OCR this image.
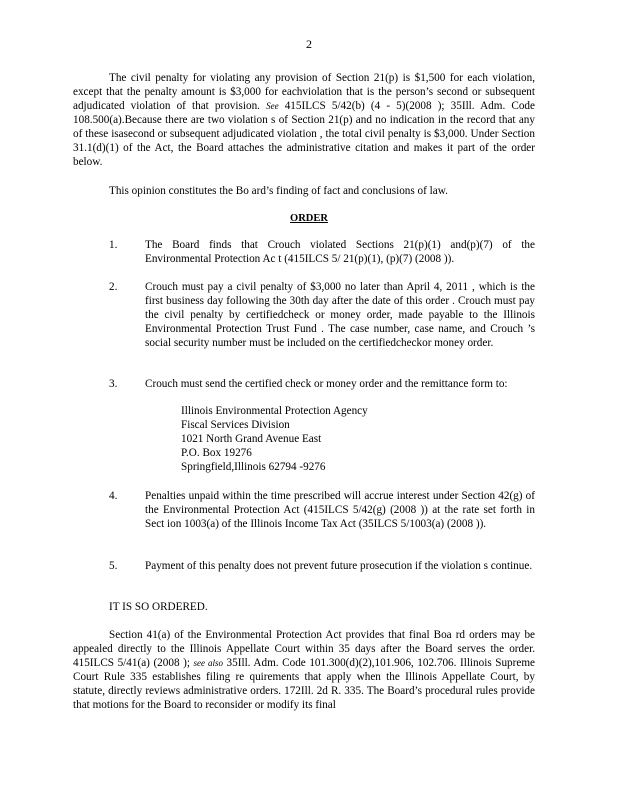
2
The civil penalty for violating any provision of Section 21(p) is $1,500 for each violation, except that the penalty amount is $3,000 for eachviolation that is the person’s second or subsequent adjudicated violation of that provision. See 415ILCS 5/42(b) (4 - 5)(2008 ); 35Ill. Adm. Code 108.500(a).Because there are two violation s of Section 21(p) and no indication in the record that any of these isasecond or subsequent adjudicated violation , the total civil penalty is $3,000. Under Section 31.1(d)(1) of the Act, the Board attaches the administrative citation and makes it part of the order below.
This opinion constitutes the Bo ard’s finding of fact and conclusions of law.
ORDER
1.	The Board finds that Crouch violated Sections 21(p)(1) and(p)(7) of the Environmental Protection Ac t (415ILCS 5/ 21(p)(1), (p)(7) (2008 )).
2.	Crouch must pay a civil penalty of $3,000 no later than April 4, 2011 , which is the first business day following the 30th day after the date of this order . Crouch must pay the civil penalty by certifiedcheck or money order, made payable to the Illinois Environmental Protection Trust Fund . The case number, case name, and Crouch ’s social security number must be included on the certifiedcheckor money order.
3.	Crouch must send the certified check or money order and the remittance form to:
Illinois Environmental Protection Agency
Fiscal Services Division
1021 North Grand Avenue East
P.O. Box 19276
Springfield,Illinois 62794 -9276
4.	Penalties unpaid within the time prescribed will accrue interest under Section 42(g) of the Environmental Protection Act (415ILCS 5/42(g) (2008 )) at the rate set forth in Sect ion 1003(a) of the Illinois Income Tax Act (35ILCS 5/1003(a) (2008 )).
5.	Payment of this penalty does not prevent future prosecution if the violation s continue.
IT IS SO ORDERED.
Section 41(a) of the Environmental Protection Act provides that final Boa rd orders may be appealed directly to the Illinois Appellate Court within 35 days after the Board serves the order. 415ILCS 5/41(a) (2008 ); see also 35Ill. Adm. Code 101.300(d)(2),101.906, 102.706. Illinois Supreme Court Rule 335 establishes filing re quirements that apply when the Illinois Appellate Court, by statute, directly reviews administrative orders. 172Ill. 2d R. 335. The Board’s procedural rules provide that motions for the Board to reconsider or modify its final
